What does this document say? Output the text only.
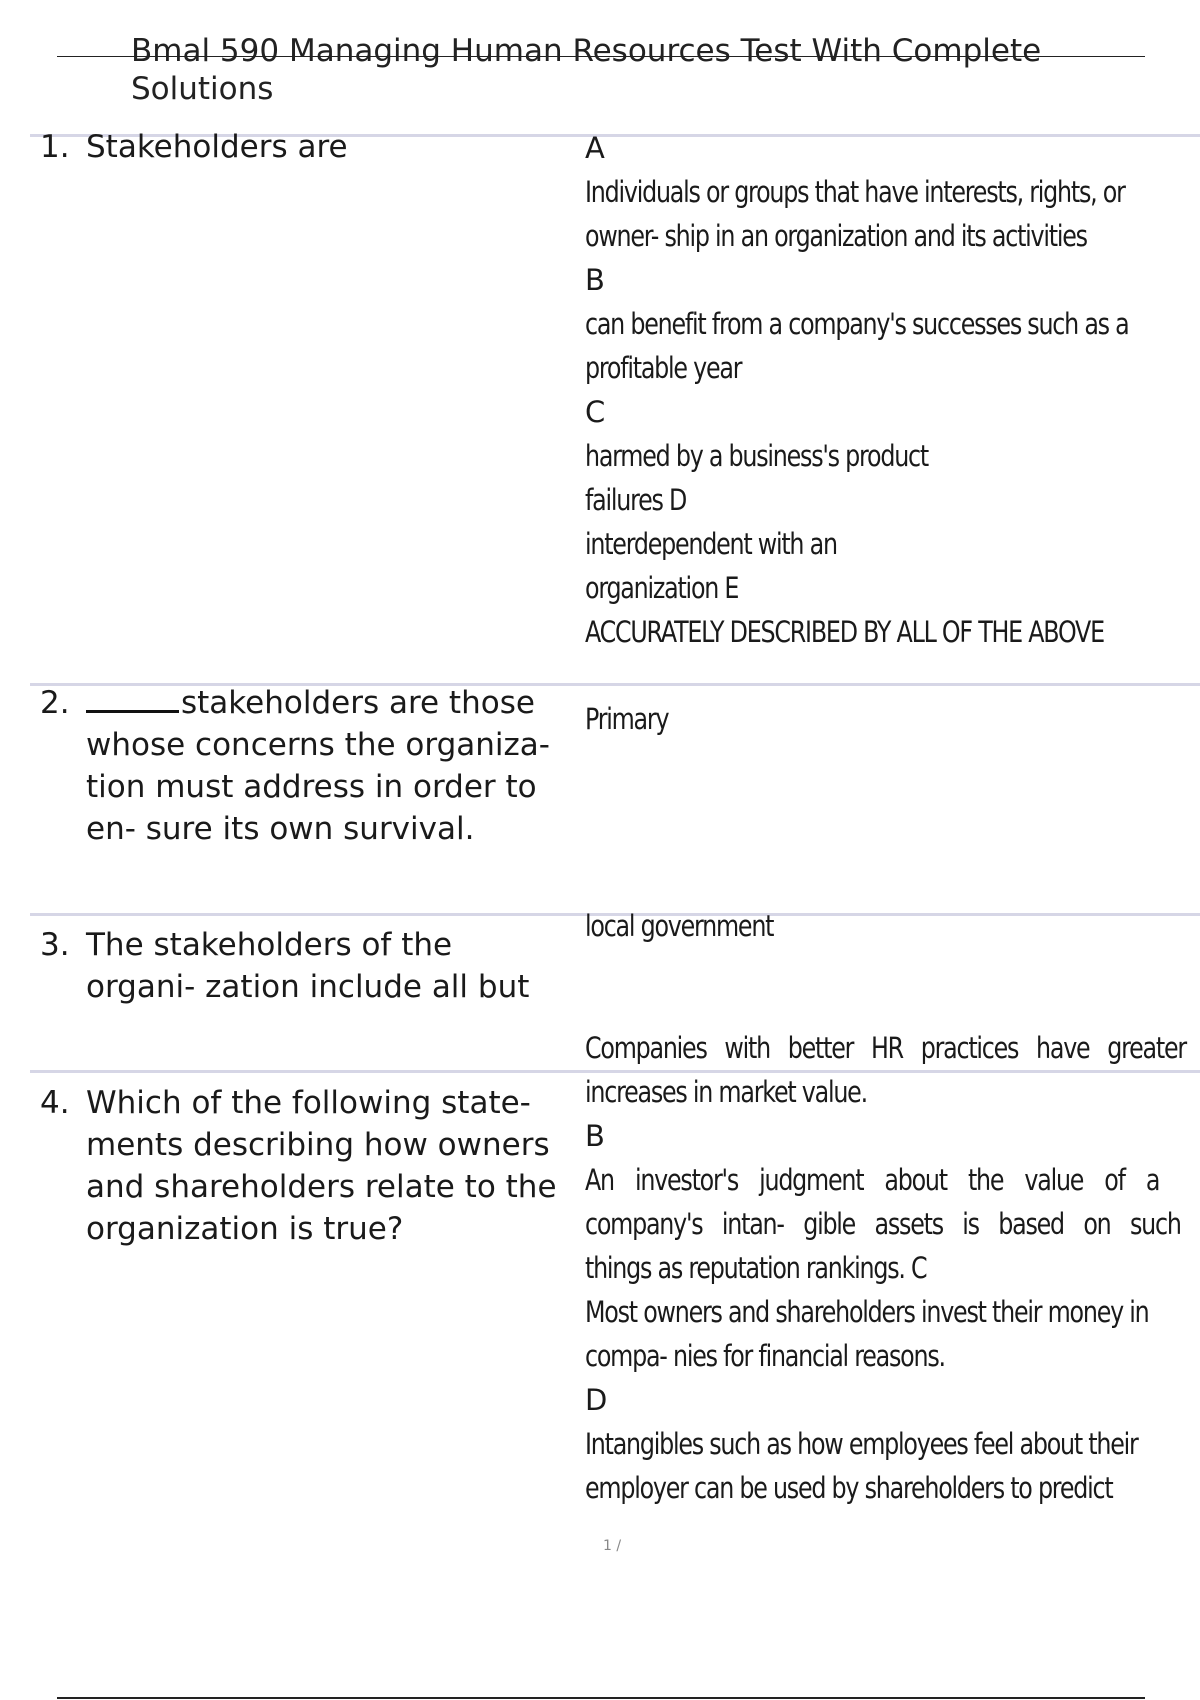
Bmal 590 Managing Human Resources Test With Complete Solutions
1. Stakeholders are	A
Individuals or groups that have interests, rights, or
owner- ship in an organization and its activities
B
can benefit from a company's successes such as a
profitable year
C
harmed by a business's product
failures D
interdependent with an
organization E
ACCURATELY DESCRIBED BY ALL OF THE ABOVE
2.	stakeholders are those whose concerns the organiza- tion must address in order to en- sure its own survival.
Primary
3. The stakeholders of the organi- zation include all but
local government
4. Which of the following state- ments describing how owners and shareholders relate to the organization is true?
Companies with better HR practices have greater
increases in market value.
B
An investor's judgment about the value of a
company's intan- gible assets is based on such
things as reputation rankings. C
Most owners and shareholders invest their money in
compa- nies for financial reasons.
D
Intangibles such as how employees feel about their
employer can be used by shareholders to predict
1 /
